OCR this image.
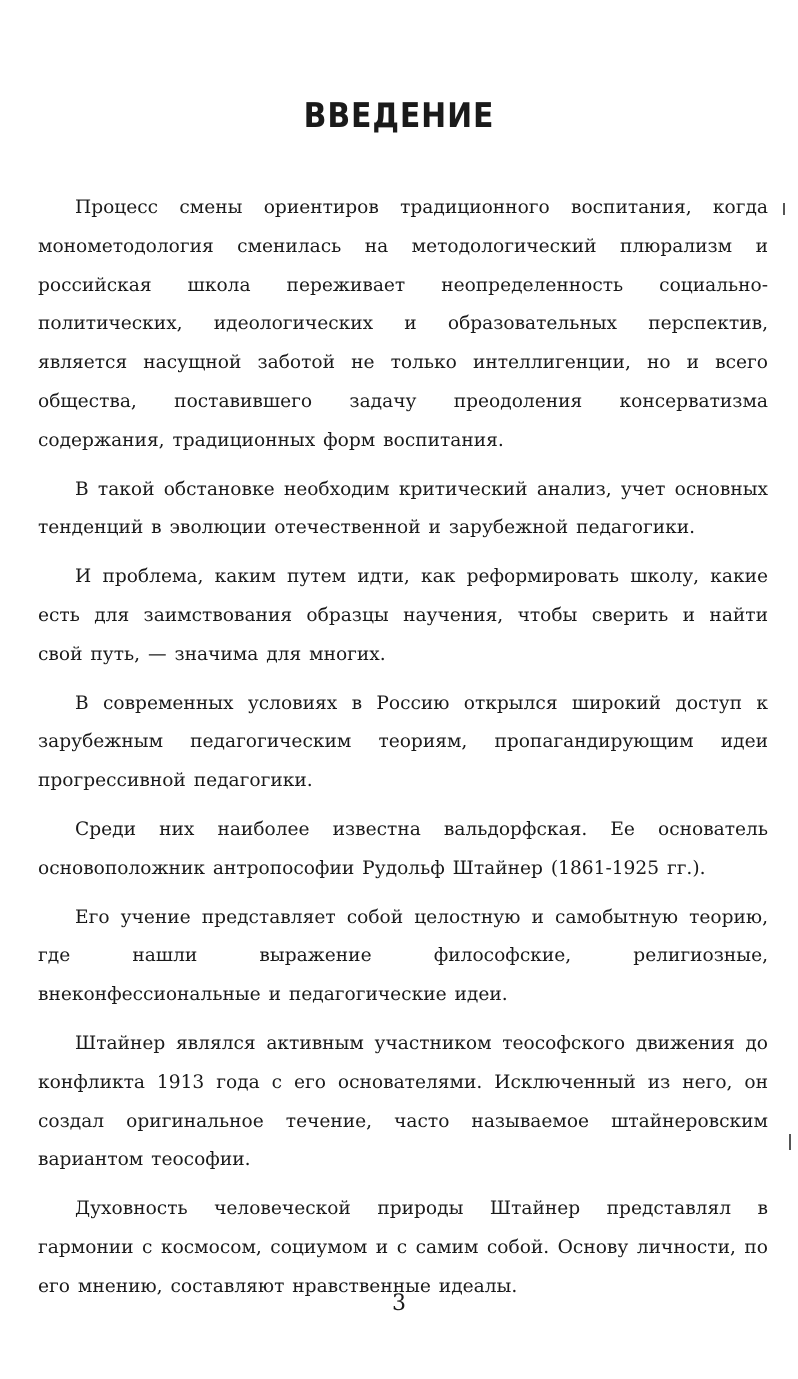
ВВЕДЕНИЕ

Процесс смены ориентиров традиционного воспитания, когда монометодология сменилась на методологический плюрализм и российская школа переживает неопределенность социально-политических, идеологических и образовательных перспектив, является насущной заботой не только интеллигенции, но и всего общества, поставившего задачу преодоления консерватизма содержания, традиционных форм воспитания.

В такой обстановке необходим критический анализ, учет основных тенденций в эволюции отечественной и зарубежной педагогики.

И проблема, каким путем идти, как реформировать школу, какие есть для заимствования образцы научения, чтобы сверить и найти свой путь, — значима для многих.

В современных условиях в Россию открылся широкий доступ к зарубежным педагогическим теориям, пропагандирующим идеи прогрессивной педагогики.

Среди них наиболее известна вальдорфская. Ее основатель основоположник антропософии Рудольф Штайнер (1861-1925 гг.).

Его учение представляет собой целостную и самобытную теорию, где нашли выражение философские, религиозные, внеконфессиональные и педагогические идеи.

Штайнер являлся активным участником теософского движения до конфликта 1913 года с его основателями. Исключенный из него, он создал оригинальное течение, часто называемое штайнеровским вариантом теософии.

Духовность человеческой природы Штайнер представлял в гармонии с космосом, социумом и с самим собой. Основу личности, по его мнению, составляют нравственные идеалы.

3
